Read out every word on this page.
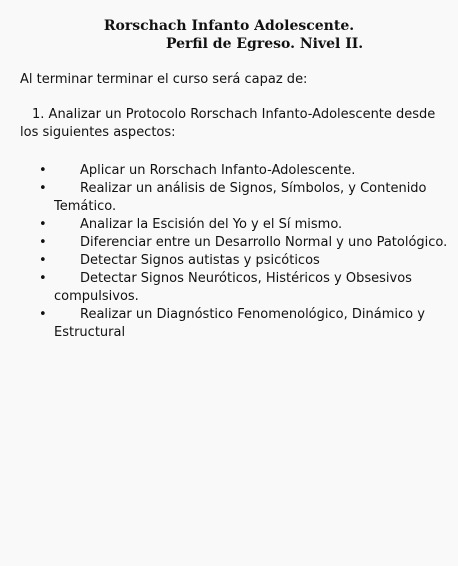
Rorschach Infanto Adolescente.
Perfil de Egreso. Nivel II.

Al terminar terminar el curso será capaz de:

1. Analizar un Protocolo Rorschach Infanto-Adolescente desde los siguientes aspectos:

•	Aplicar un Rorschach Infanto-Adolescente.
•	Realizar un análisis de Signos, Símbolos, y Contenido Temático.
•	Analizar la Escisión del Yo y el Sí mismo.
•	Diferenciar entre un Desarrollo Normal y uno Patológico.
•	Detectar Signos autistas y psicóticos
•	Detectar Signos Neuróticos, Histéricos y Obsesivos compulsivos.
•	Realizar un Diagnóstico Fenomenológico, Dinámico y Estructural
